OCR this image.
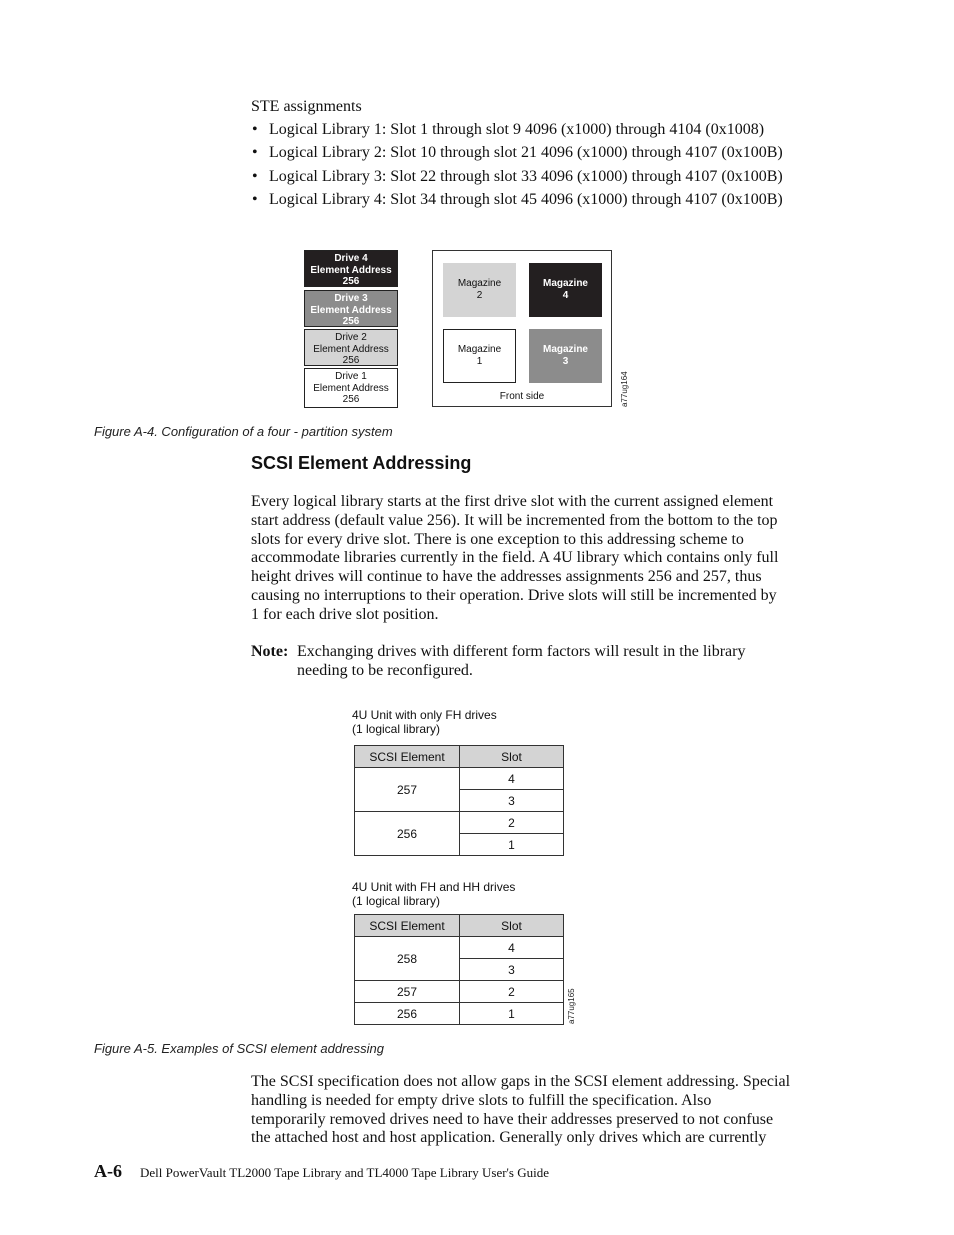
STE assignments
• Logical Library 1: Slot 1 through slot 9 4096 (x1000) through 4104 (0x1008)
• Logical Library 2: Slot 10 through slot 21 4096 (x1000) through 4107 (0x100B)
• Logical Library 3: Slot 22 through slot 33 4096 (x1000) through 4107 (0x100B)
• Logical Library 4: Slot 34 through slot 45 4096 (x1000) through 4107 (0x100B)
Drive 4
Element Address
256
Drive 3
Element Address
256
Drive 2
Element Address
256
Drive 1
Element Address
256
Magazine
2
Magazine
4
Magazine
1
Magazine
3
Front side	a77ug164
Figure A-4. Configuration of a four - partition system
SCSI Element Addressing
Every logical library starts at the first drive slot with the current assigned element
start address (default value 256). It will be incremented from the bottom to the top
slots for every drive slot. There is one exception to this addressing scheme to
accommodate libraries currently in the field. A 4U library which contains only full
height drives will continue to have the addresses assignments 256 and 257, thus
causing no interruptions to their operation. Drive slots will still be incremented by
1 for each drive slot position.
Note: Exchanging drives with different form factors will result in the library
needing to be reconfigured.
4U Unit with only FH drives
(1 logical library)
SCSI Element	Slot
257	4
	3
256	2
	1
4U Unit with FH and HH drives
(1 logical library)
SCSI Element	Slot
258	4
	3
257	2
256	1	a77ug165
Figure A-5. Examples of SCSI element addressing
The SCSI specification does not allow gaps in the SCSI element addressing. Special
handling is needed for empty drive slots to fulfill the specification. Also
temporarily removed drives need to have their addresses preserved to not confuse
the attached host and host application. Generally only drives which are currently
A-6 Dell PowerVault TL2000 Tape Library and TL4000 Tape Library User's Guide
